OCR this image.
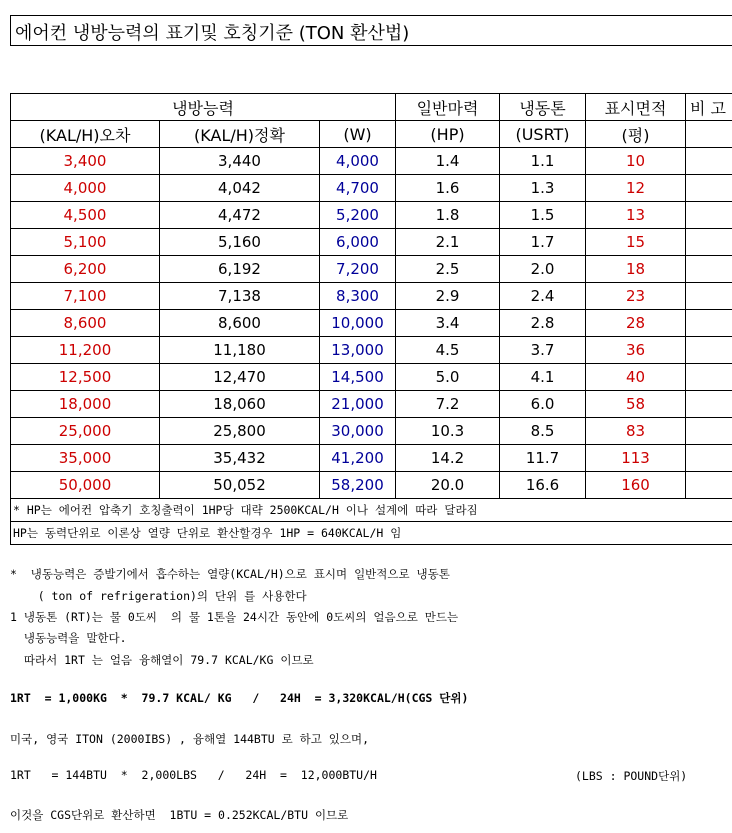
에어컨 냉방능력의 표기및 호칭기준 (TON 환산법)
냉방능력			일반마력	냉동톤	표시면적	비 고
(KAL/H)오차	(KAL/H)정확	(W)	(HP)	(USRT)	(평)	
3,400	3,440	4,000	1.4	1.1	10	
4,000	4,042	4,700	1.6	1.3	12	
4,500	4,472	5,200	1.8	1.5	13	
5,100	5,160	6,000	2.1	1.7	15	
6,200	6,192	7,200	2.5	2.0	18	
7,100	7,138	8,300	2.9	2.4	23	
8,600	8,600	10,000	3.4	2.8	28	
11,200	11,180	13,000	4.5	3.7	36	
12,500	12,470	14,500	5.0	4.1	40	
18,000	18,060	21,000	7.2	6.0	58	
25,000	25,800	30,000	10.3	8.5	83	
35,000	35,432	41,200	14.2	11.7	113	
50,000	50,052	58,200	20.0	16.6	160	
* HP는 에어컨 압축기 호칭출력이 1HP당 대략 2500KCAL/H 이나 설계에 따라 달라짐						
HP는 동력단위로 이론상 열량 단위로 환산할경우 1HP = 640KCAL/H 임						
*  냉동능력은 증발기에서 흡수하는 열량(KCAL/H)으로 표시며 일반적으로 냉동톤
( ton of refrigeration)의 단위 를 사용한다
1 냉동톤 (RT)는 물 0도씨  의 물 1톤을 24시간 동안에 0도씨의 얼음으로 만드는
냉동능력을 말한다.
따라서 1RT 는 얼음 융해열이 79.7 KCAL/KG 이므로
1RT  = 1,000KG  *  79.7 KCAL/ KG   /   24H  = 3,320KCAL/H(CGS 단위)
미국, 영국 ITON (2000IBS) , 융해열 144BTU 로 하고 있으며,
1RT   = 144BTU  *  2,000LBS   /   24H  =  12,000BTU/H	(LBS : POUND단위)
이것을 CGS단위로 환산하면  1BTU = 0.252KCAL/BTU 이므로
